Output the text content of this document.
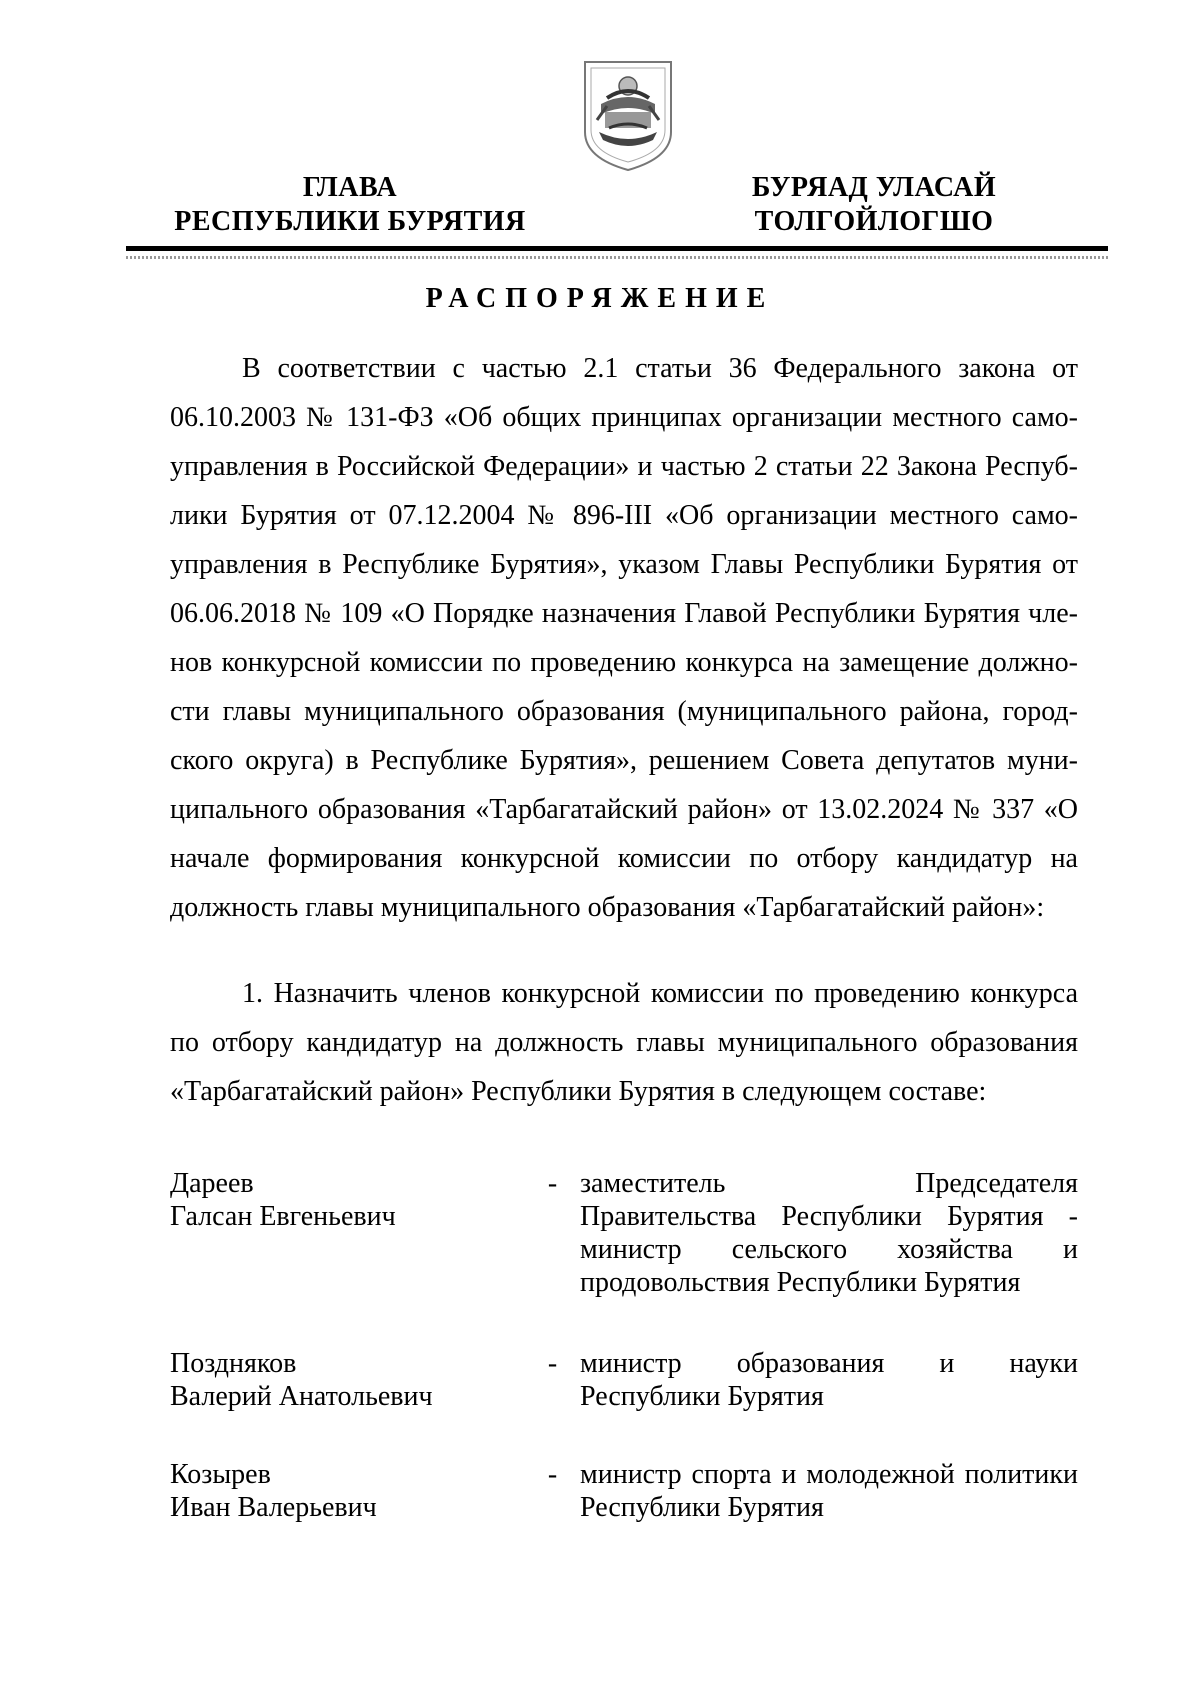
ГЛАВА
РЕСПУБЛИКИ БУРЯТИЯ
БУРЯАД УЛАСАЙ
ТОЛГОЙЛОГШО
РАСПОРЯЖЕНИЕ

В соответствии с частью 2.1 статьи 36 Федерального закона от 06.10.2003 № 131-ФЗ «Об общих принципах организации местного само-управления в Российской Федерации» и частью 2 статьи 22 Закона Респуб-лики Бурятия от 07.12.2004 № 896-III «Об организации местного само-управления в Республике Бурятия», указом Главы Республики Бурятия от 06.06.2018 № 109 «О Порядке назначения Главой Республики Бурятия чле-нов конкурсной комиссии по проведению конкурса на замещение должно-сти главы муниципального образования (муниципального района, город-ского округа) в Республике Бурятия», решением Совета депутатов муни-ципального образования «Тарбагатайский район» от 13.02.2024 № 337 «О начале формирования конкурсной комиссии по отбору кандидатур на должность главы муниципального образования «Тарбагатайский район»:

1. Назначить членов конкурсной комиссии по проведению конкурса по отбору кандидатур на должность главы муниципального образования «Тарбагатайский район» Республики Бурятия в следующем составе:

Дареев
Галсан Евгеньевич
- заместитель Председателя Правительства Республики Бурятия - министр сельского хозяйства и продовольствия Республики Бурятия
Поздняков
Валерий Анатольевич
- министр образования и науки Республики Бурятия
Козырев
Иван Валерьевич
- министр спорта и молодежной политики Республики Бурятия
